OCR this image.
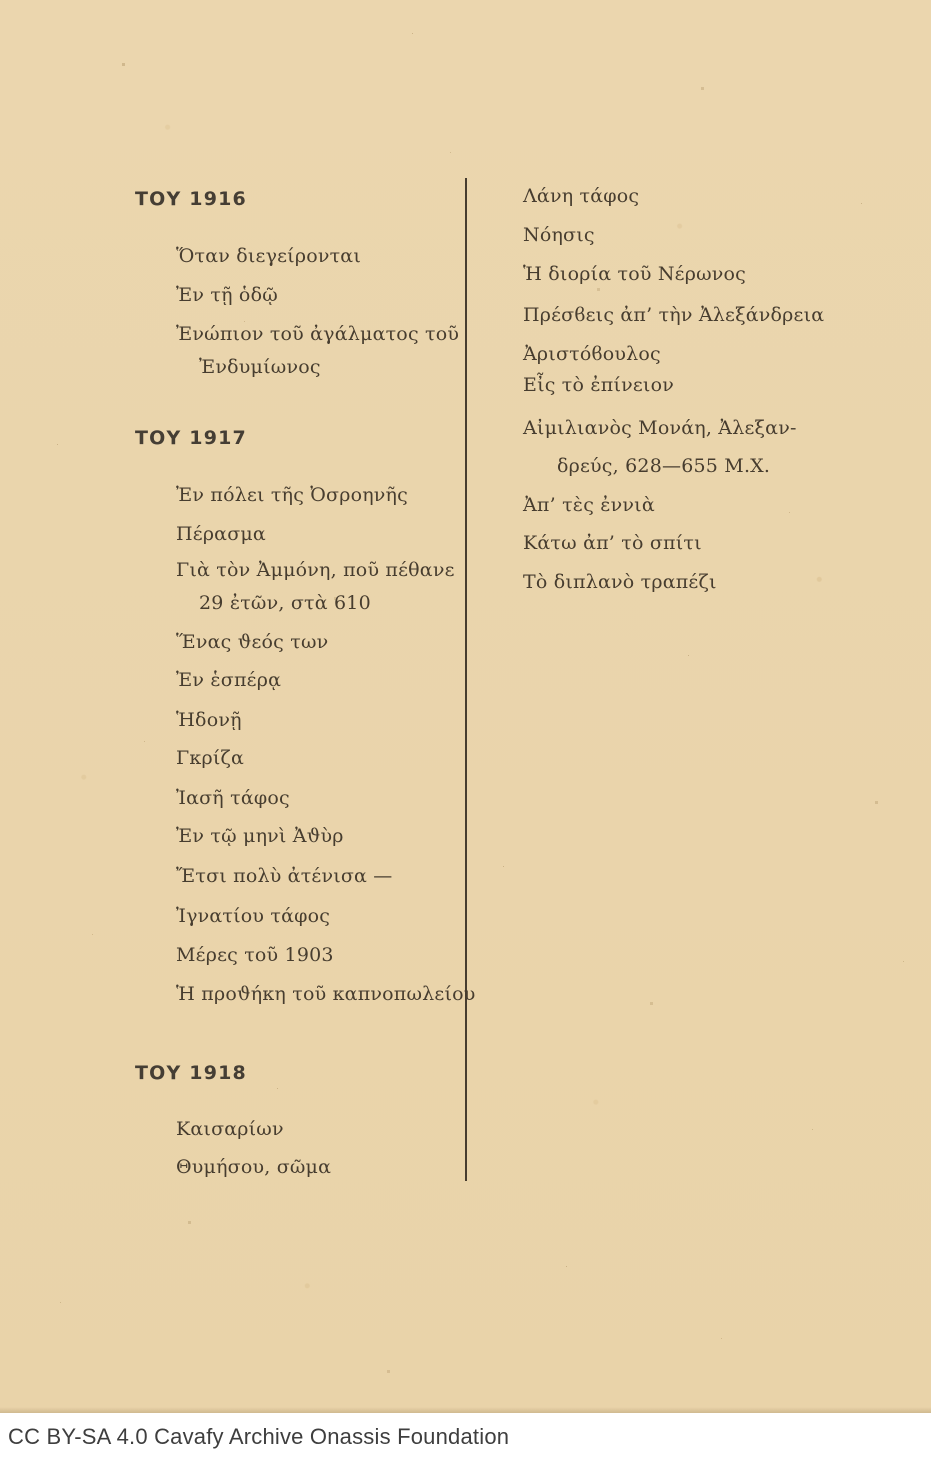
ΤΟΥ 1916
Ὅταν διεγείρονται
Ἐν τῇ ὁδῷ
Ἐνώπιον τοῦ ἀγάλματος τοῦ
Ἐνδυμίωνος
ΤΟΥ 1917
Ἐν πόλει τῆς Ὀσροηνῆς
Πέρασμα
Γιὰ τὸν Ἀμμόνη, ποῦ πέθανε
29 ἐτῶν, στὰ 610
Ἕνας ϑεός των
Ἐν ἑσπέρᾳ
Ἡδονῇ
Γκρίζα
Ἰασῆ τάφος
Ἐν τῷ μηνὶ Ἀϑὺρ
Ἔτσι πολὺ ἀτένισα —
Ἰγνατίου τάφος
Μέρες τοῦ 1903
Ἡ προϑήκη τοῦ καπνοπωλείου
ΤΟΥ 1918
Καισαρίων
Θυμήσου, σῶμα
Λάνη τάφος
Νόησις
Ἡ διορία τοῦ Νέρωνος
Πρέσϐεις ἀπ’ τὴν Ἀλεξάνδρεια
Ἀριστόϐουλος
Εἶς τὸ ἐπίνειον
Αἰμιλιανὸς Μονάη, Ἀλεξαν-
δρεύς, 628—655 Μ.Χ.
Ἀπ’ τὲς ἐννιὰ
Κάτω ἀπ’ τὸ σπίτι
Τὸ διπλανὸ τραπέζι
CC BY-SA 4.0 Cavafy Archive Onassis Foundation
